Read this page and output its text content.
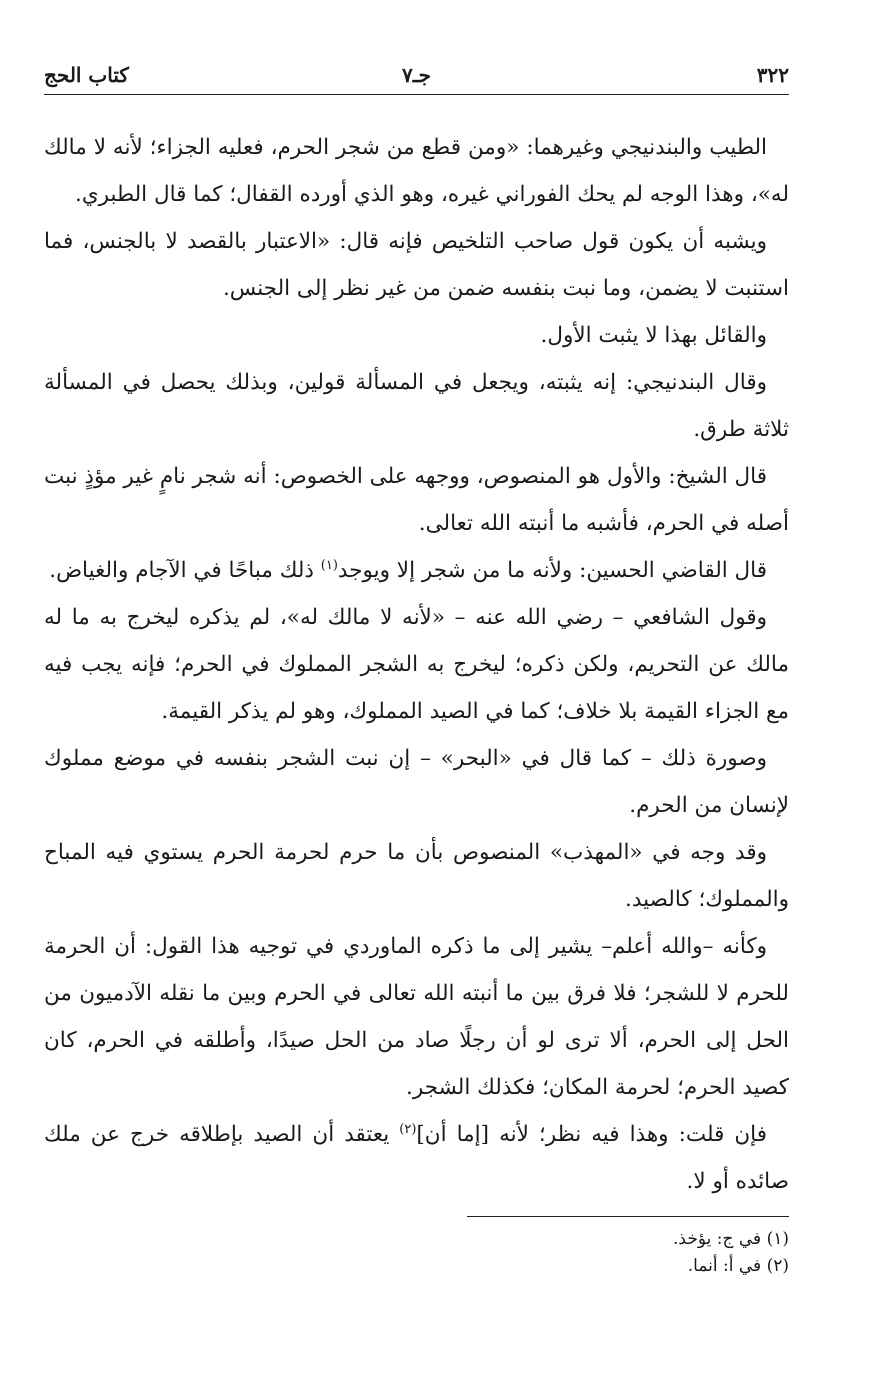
٣٢٢
جـ٧
كتاب الحج

الطيب والبندنيجي وغيرهما: «ومن قطع من شجر الحرم، فعليه الجزاء؛ لأنه لا مالك له»، وهذا الوجه لم يحك الفوراني غيره، وهو الذي أورده القفال؛ كما قال الطبري.

ويشبه أن يكون قول صاحب التلخيص فإنه قال: «الاعتبار بالقصد لا بالجنس، فما استنبت لا يضمن، وما نبت بنفسه ضمن من غير نظر إلى الجنس.

والقائل بهذا لا يثبت الأول.

وقال البندنيجي: إنه يثبته، ويجعل في المسألة قولين، وبذلك يحصل في المسألة ثلاثة طرق.

قال الشيخ: والأول هو المنصوص، ووجهه على الخصوص: أنه شجر نامٍ غير مؤذٍ نبت أصله في الحرم، فأشبه ما أنبته الله تعالى.

قال القاضي الحسين: ولأنه ما من شجر إلا ويوجد$^{(١)}$ ذلك مباحًا في الآجام والغياض.

وقول الشافعي – رضي الله عنه – «لأنه لا مالك له»، لم يذكره ليخرج به ما له مالك عن التحريم، ولكن ذكره؛ ليخرج به الشجر المملوك في الحرم؛ فإنه يجب فيه مع الجزاء القيمة بلا خلاف؛ كما في الصيد المملوك، وهو لم يذكر القيمة.

وصورة ذلك – كما قال في «البحر» – إن نبت الشجر بنفسه في موضع مملوك لإنسان من الحرم.

وقد وجه في «المهذب» المنصوص بأن ما حرم لحرمة الحرم يستوي فيه المباح والمملوك؛ كالصيد.

وكأنه –والله أعلم– يشير إلى ما ذكره الماوردي في توجيه هذا القول: أن الحرمة للحرم لا للشجر؛ فلا فرق بين ما أنبته الله تعالى في الحرم وبين ما نقله الآدميون من الحل إلى الحرم، ألا ترى لو أن رجلًا صاد من الحل صيدًا، وأطلقه في الحرم، كان كصيد الحرم؛ لحرمة المكان؛ فكذلك الشجر.

فإن قلت: وهذا فيه نظر؛ لأنه [إما أن]$^{(٢)}$ يعتقد أن الصيد بإطلاقه خرج عن ملك صائده أو لا.

(١) في ج: يؤخذ.

(٢) في أ: أنما.
